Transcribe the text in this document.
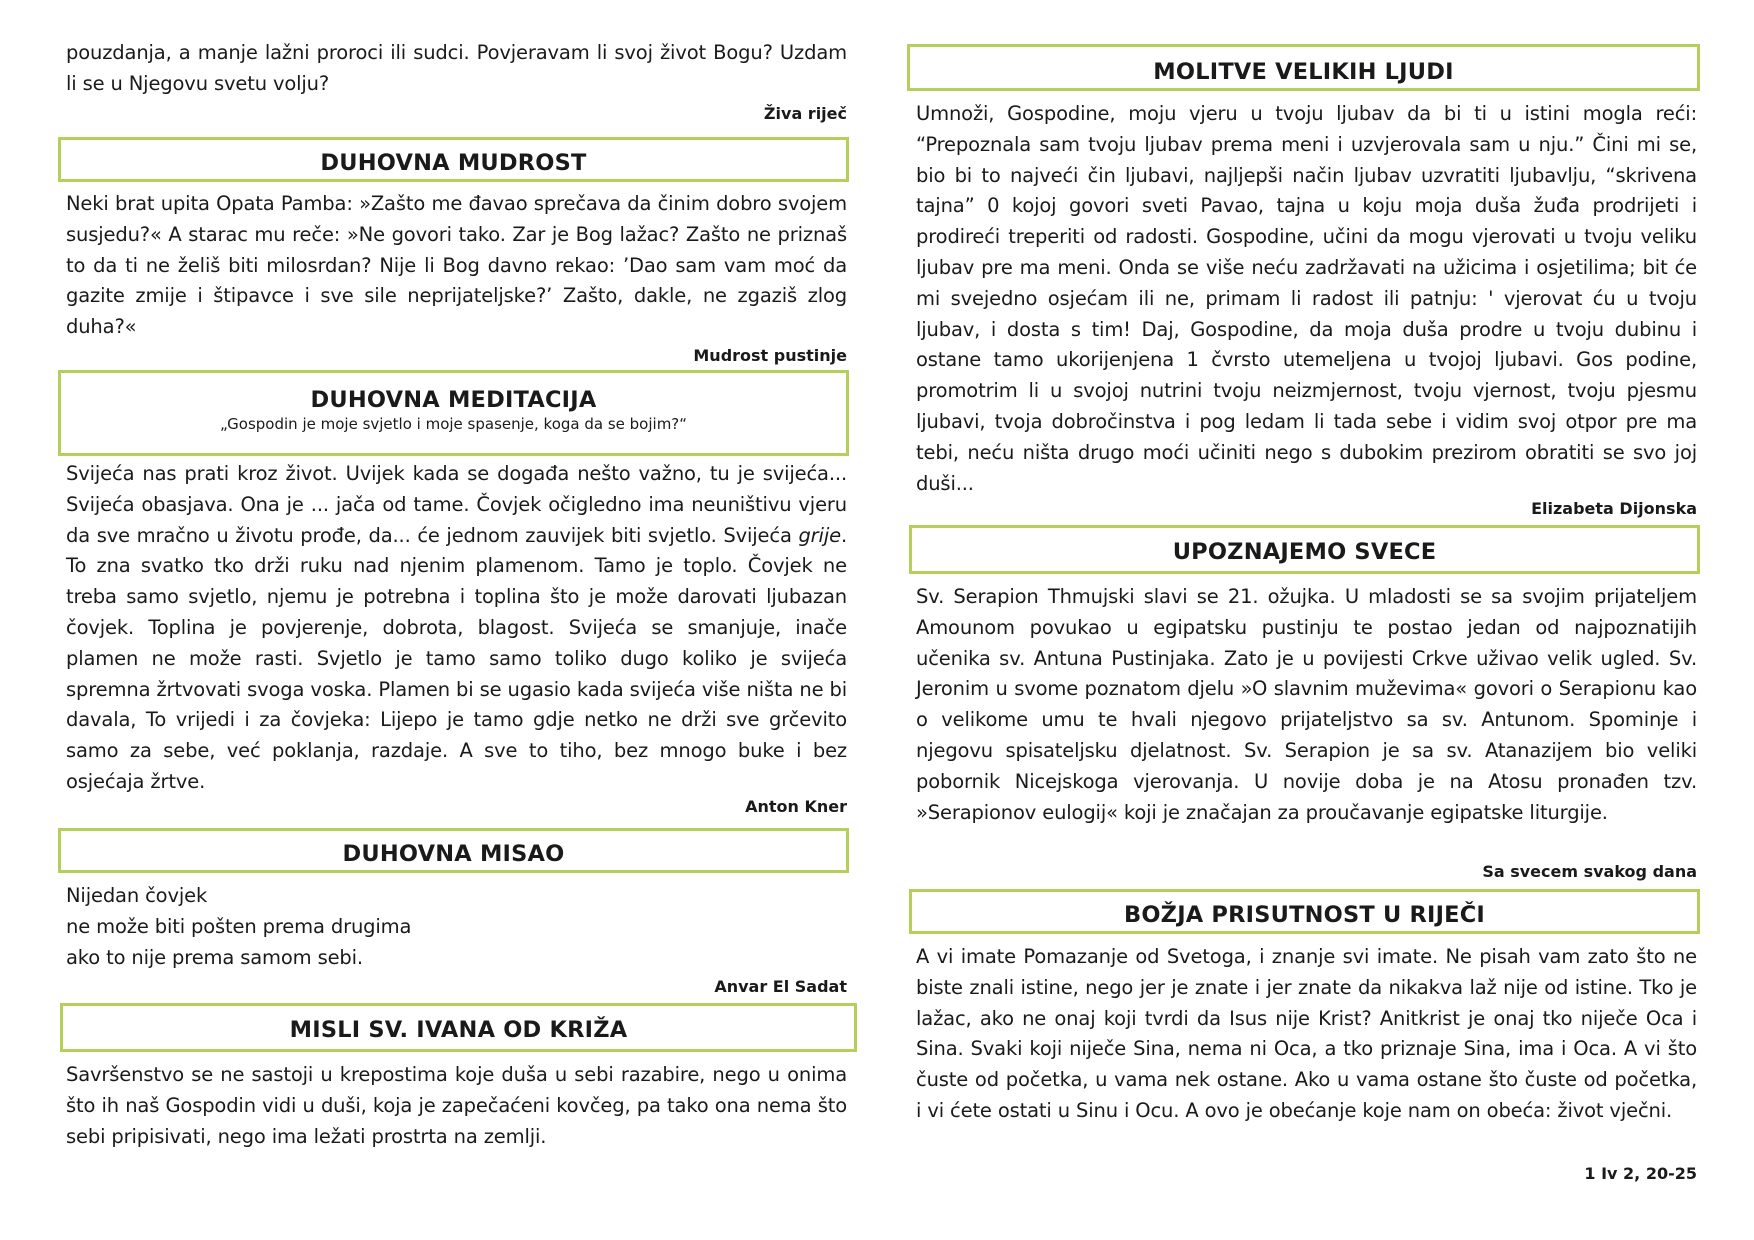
pouzdanja, a manje lažni proroci ili sudci. Povjeravam li svoj život Bogu? Uzdam li se u Njegovu svetu volju?

Živa riječ
DUHOVNA MUDROST

Neki brat upita Opata Pamba: »Zašto me đavao sprečava da činim dobro svojem susjedu?« A starac mu reče: »Ne govori tako. Zar je Bog lažac? Zašto ne priznaš to da ti ne želiš biti milosrdan? Nije li Bog davno rekao: ’Dao sam vam moć da gazite zmije i štipavce i sve sile neprijateljske?’ Zašto, dakle, ne zgaziš zlog duha?«

Mudrost pustinje
DUHOVNA MEDITACIJA
„Gospodin je moje svjetlo i moje spasenje, koga da se bojim?“

Svijeća nas prati kroz život. Uvijek kada se događa nešto važno, tu je svijeća... Svijeća obasjava. Ona je ... jača od tame. Čovjek očigledno ima neuništivu vjeru da sve mračno u životu prođe, da... će jednom zauvijek biti svjetlo. Svijeća grije. To zna svatko tko drži ruku nad njenim plamenom. Tamo je toplo. Čovjek ne treba samo svjetlo, njemu je potrebna i toplina što je može darovati ljubazan čovjek. Toplina je povjerenje, dobrota, blagost. Svijeća se smanjuje, inače plamen ne može rasti. Svjetlo je tamo samo toliko dugo koliko je svijeća spremna žrtvovati svoga voska. Plamen bi se ugasio kada svijeća više ništa ne bi davala, To vrijedi i za čovjeka: Lijepo je tamo gdje netko ne drži sve grčevito samo za sebe, već poklanja, razdaje. A sve to tiho, bez mnogo buke i bez osjećaja žrtve.

Anton Kner
DUHOVNA MISAO

Nijedan čovjek

ne može biti pošten prema drugima

ako to nije prema samom sebi.

Anvar El Sadat
MISLI SV. IVANA OD KRIŽA

Savršenstvo se ne sastoji u krepostima koje duša u sebi razabire, nego u onima što ih naš Gospodin vidi u duši, koja je zapečaćeni kovčeg, pa tako ona nema što sebi pripisivati, nego ima ležati prostrta na zemlji.

MOLITVE VELIKIH LJUDI

Umnoži, Gospodine, moju vjeru u tvoju ljubav da bi ti u istini mogla reći: “Prepoznala sam tvoju ljubav prema meni i uzvjerovala sam u nju.” Čini mi se, bio bi to najveći čin ljubavi, najljepši način ljubav uzvratiti ljubavlju, “skrivena tajna” 0 kojoj govori sveti Pavao, tajna u koju moja duša žuđa prodrijeti i prodireći treperiti od radosti. Gospodine, učini da mogu vjerovati u tvoju veliku ljubav pre ma meni. Onda se više neću zadržavati na užicima i osjetilima; bit će mi svejedno osjećam ili ne, primam li radost ili patnju: ' vjerovat ću u tvoju ljubav, i dosta s tim! Daj, Gospodine, da moja duša prodre u tvoju dubinu i ostane tamo ukorijenjena 1 čvrsto utemeljena u tvojoj ljubavi. Gos podine, promotrim li u svojoj nutrini tvoju neizmjernost, tvoju vjernost, tvoju pjesmu ljubavi, tvoja dobročinstva i pog ledam li tada sebe i vidim svoj otpor pre ma tebi, neću ništa drugo moći učiniti nego s dubokim prezirom obratiti se svo joj duši...

Elizabeta Dijonska
UPOZNAJEMO SVECE

Sv. Serapion Thmujski slavi se 21. ožujka. U mladosti se sa svojim prijateljem Amounom povukao u egipatsku pustinju te postao jedan od najpoznatijih učenika sv. Antuna Pustinjaka. Zato je u povijesti Crkve uživao velik ugled. Sv. Jeronim u svome poznatom djelu »O slavnim muževima« govori o Serapionu kao o velikome umu te hvali njegovo prijateljstvo sa sv. Antunom. Spominje i njegovu spisateljsku djelatnost. Sv. Serapion je sa sv. Atanazijem bio veliki pobornik Nicejskoga vjerovanja. U novije doba je na Atosu pronađen tzv. »Serapionov eulogij« koji je značajan za proučavanje egipatske liturgije.

Sa svecem svakog dana
BOŽJA PRISUTNOST U RIJEČI

A vi imate Pomazanje od Svetoga, i znanje svi imate. Ne pisah vam zato što ne biste znali istine, nego jer je znate i jer znate da nikakva laž nije od istine. Tko je lažac, ako ne onaj koji tvrdi da Isus nije Krist? Anitkrist je onaj tko niječe Oca i Sina. Svaki koji niječe Sina, nema ni Oca, a tko priznaje Sina, ima i Oca. A vi što čuste od početka, u vama nek ostane. Ako u vama ostane što čuste od početka, i vi ćete ostati u Sinu i Ocu. A ovo je obećanje koje nam on obeća: život vječni.

1 Iv 2, 20-25
